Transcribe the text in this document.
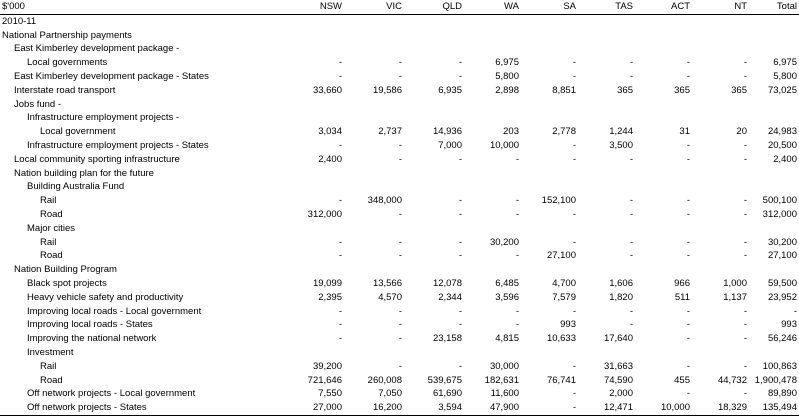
$'000	NSW	VIC	QLD	WA	SA	TAS	ACT	NT	Total
2010-11									
National Partnership payments									
East Kimberley development package -									
Local governments	-	-	-	6,975	-	-	-	-	6,975
East Kimberley development package - States	-	-	-	5,800	-	-	-	-	5,800
Interstate road transport	33,660	19,586	6,935	2,898	8,851	365	365	365	73,025
Jobs fund -									
Infrastructure employment projects -									
Local government	3,034	2,737	14,936	203	2,778	1,244	31	20	24,983
Infrastructure employment projects - States	-	-	7,000	10,000	-	3,500	-	-	20,500
Local community sporting infrastructure	2,400	-	-	-	-	-	-	-	2,400
Nation building plan for the future									
Building Australia Fund									
Rail	-	348,000	-	-	152,100	-	-	-	500,100
Road	312,000	-	-	-	-	-	-	-	312,000
Major cities									
Rail	-	-	-	30,200	-	-	-	-	30,200
Road	-	-	-	-	27,100	-	-	-	27,100
Nation Building Program									
Black spot projects	19,099	13,566	12,078	6,485	4,700	1,606	966	1,000	59,500
Heavy vehicle safety and productivity	2,395	4,570	2,344	3,596	7,579	1,820	511	1,137	23,952
Improving local roads - Local government	-	-	-	-	-	-	-	-	-
Improving local roads - States	-	-	-	-	993	-	-	-	993
Improving the national network	-	-	23,158	4,815	10,633	17,640	-	-	56,246
Investment									
Rail	39,200	-	-	30,000	-	31,663	-	-	100,863
Road	721,646	260,008	539,675	182,631	76,741	74,590	455	44,732	1,900,478
Off network projects - Local government	7,550	7,050	61,690	11,600	-	2,000	-	-	89,890
Off network projects - States	27,000	16,200	3,594	47,900	-	12,471	10,000	18,329	135,494
